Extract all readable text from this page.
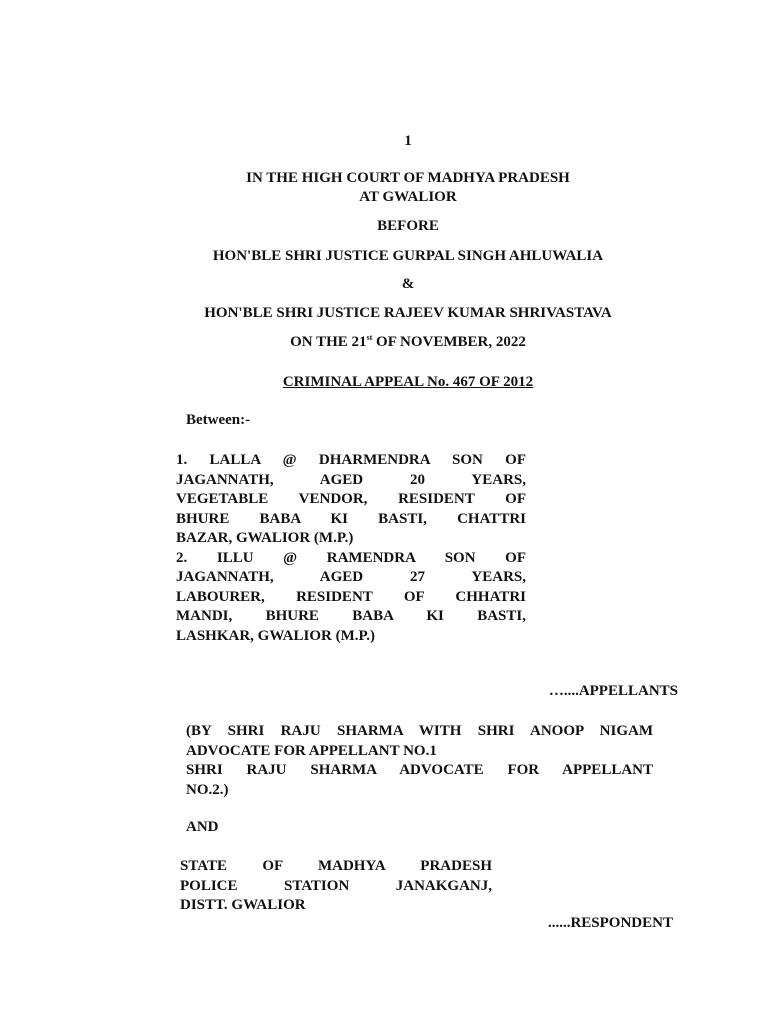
1
IN THE HIGH COURT OF MADHYA PRADESH
AT GWALIOR
BEFORE
HON'BLE SHRI JUSTICE GURPAL SINGH AHLUWALIA
&
HON'BLE SHRI JUSTICE RAJEEV KUMAR SHRIVASTAVA
ON THE 21st OF NOVEMBER, 2022
CRIMINAL APPEAL No. 467 OF 2012
Between:-
1. LALLA @ DHARMENDRA SON OF
JAGANNATH, AGED 20 YEARS,
VEGETABLE VENDOR, RESIDENT OF
BHURE BABA KI BASTI, CHATTRI
BAZAR, GWALIOR (M.P.)
2. ILLU @ RAMENDRA SON OF
JAGANNATH, AGED 27 YEARS,
LABOURER, RESIDENT OF CHHATRI
MANDI, BHURE BABA KI BASTI,
LASHKAR, GWALIOR (M.P.)
…....APPELLANTS
(BY SHRI RAJU SHARMA WITH SHRI ANOOP NIGAM
ADVOCATE FOR APPELLANT NO.1
SHRI RAJU SHARMA ADVOCATE FOR APPELLANT
NO.2.)
AND
STATE OF MADHYA PRADESH
POLICE STATION JANAKGANJ,
DISTT. GWALIOR
......RESPONDENT
